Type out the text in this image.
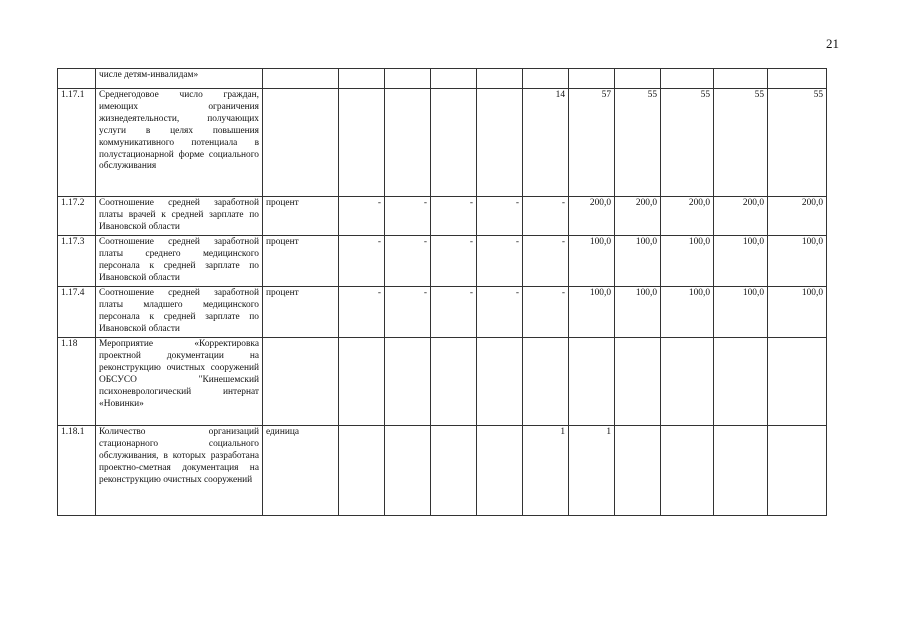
21
	числе детям-инвалидам»											
1.17.1	Среднегодовое число граждан, имеющих ограничения жизнедеятельности, получающих услуги в целях повышения коммуникативного потенциала в полустационарной форме социального обслуживания						14	57	55	55	55	55
1.17.2	Соотношение средней заработной платы врачей к средней зарплате по Ивановской области	процент	-	-	-	-	-	200,0	200,0	200,0	200,0	200,0
1.17.3	Соотношение средней заработной платы среднего медицинского персонала к средней зарплате по Ивановской области	процент	-	-	-	-	-	100,0	100,0	100,0	100,0	100,0
1.17.4	Соотношение средней заработной платы младшего медицинского персонала к средней зарплате по Ивановской области	процент	-	-	-	-	-	100,0	100,0	100,0	100,0	100,0
1.18	Мероприятие «Корректировка проектной документации на реконструкцию очистных сооружений ОБСУСО "Кинешемский психоневрологический интернат «Новинки»											
1.18.1	Количество организаций стационарного социального обслуживания, в которых разработана проектно-сметная документация на реконструкцию очистных сооружений	единица					1	1				
